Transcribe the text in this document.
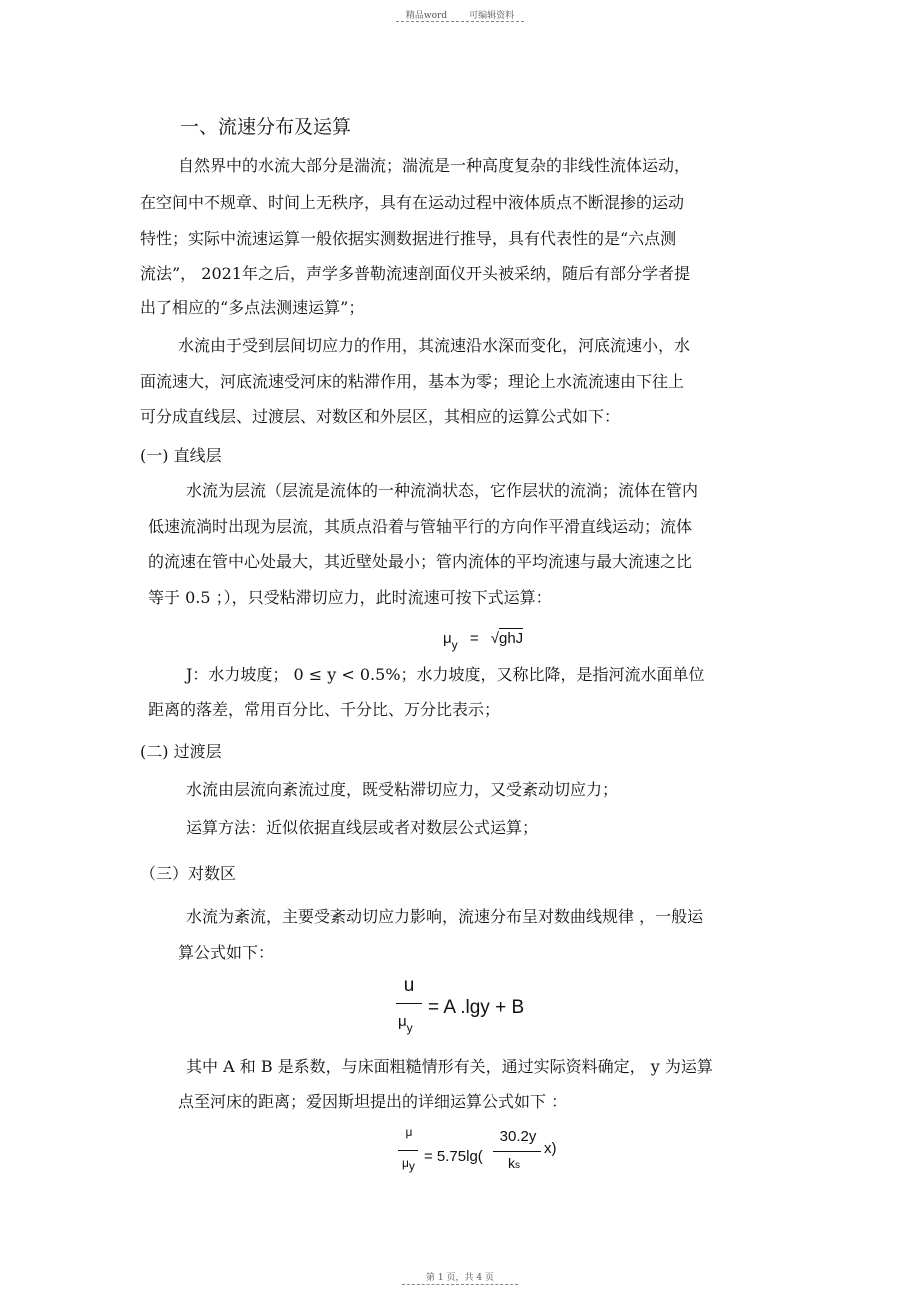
精品word 可编辑资料
一、流速分布及运算
自然界中的水流大部分是湍流；湍流是一种高度复杂的非线性流体运动，
在空间中不规章、时间上无秩序，具有在运动过程中液体质点不断混掺的运动
特性；实际中流速运算一般依据实测数据进行推导，具有代表性的是“六点测
流法”， 2021年之后，声学多普勒流速剖面仪开头被采纳，随后有部分学者提
出了相应的“多点法测速运算”；
水流由于受到层间切应力的作用，其流速沿水深而变化，河底流速小，水
面流速大，河底流速受河床的粘滞作用，基本为零；理论上水流流速由下往上
可分成直线层、过渡层、对数区和外层区，其相应的运算公式如下：
(一) 直线层
水流为层流（层流是流体的一种流淌状态，它作层状的流淌；流体在管内
低速流淌时出现为层流，其质点沿着与管轴平行的方向作平滑直线运动；流体
的流速在管中心处最大，其近壁处最小；管内流体的平均流速与最大流速之比
等于 0.5 ；），只受粘滞切应力，此时流速可按下式运算：
$\mu_y = √ghJ$
J：水力坡度； 0 ≤ y < 0.5%；水力坡度，又称比降，是指河流水面单位
距离的落差，常用百分比、千分比、万分比表示；
(二) 过渡层
水流由层流向紊流过度，既受粘滞切应力，又受紊动切应力；
运算方法：近似依据直线层或者对数层公式运算；
（三）对数区
水流为紊流，主要受紊动切应力影响，流速分布呈对数曲线规律 ，一般运
算公式如下：
u
$\mu_y$
= A .lgy + B
其中 A 和 B 是系数，与床面粗糙情形有关，通过实际资料确定， y 为运算
点至河床的距离；爱因斯坦提出的详细运算公式如下 ：
μ
μy
= 5.75lg(
30.2y
ks
x)
第 1 页，共 4 页
